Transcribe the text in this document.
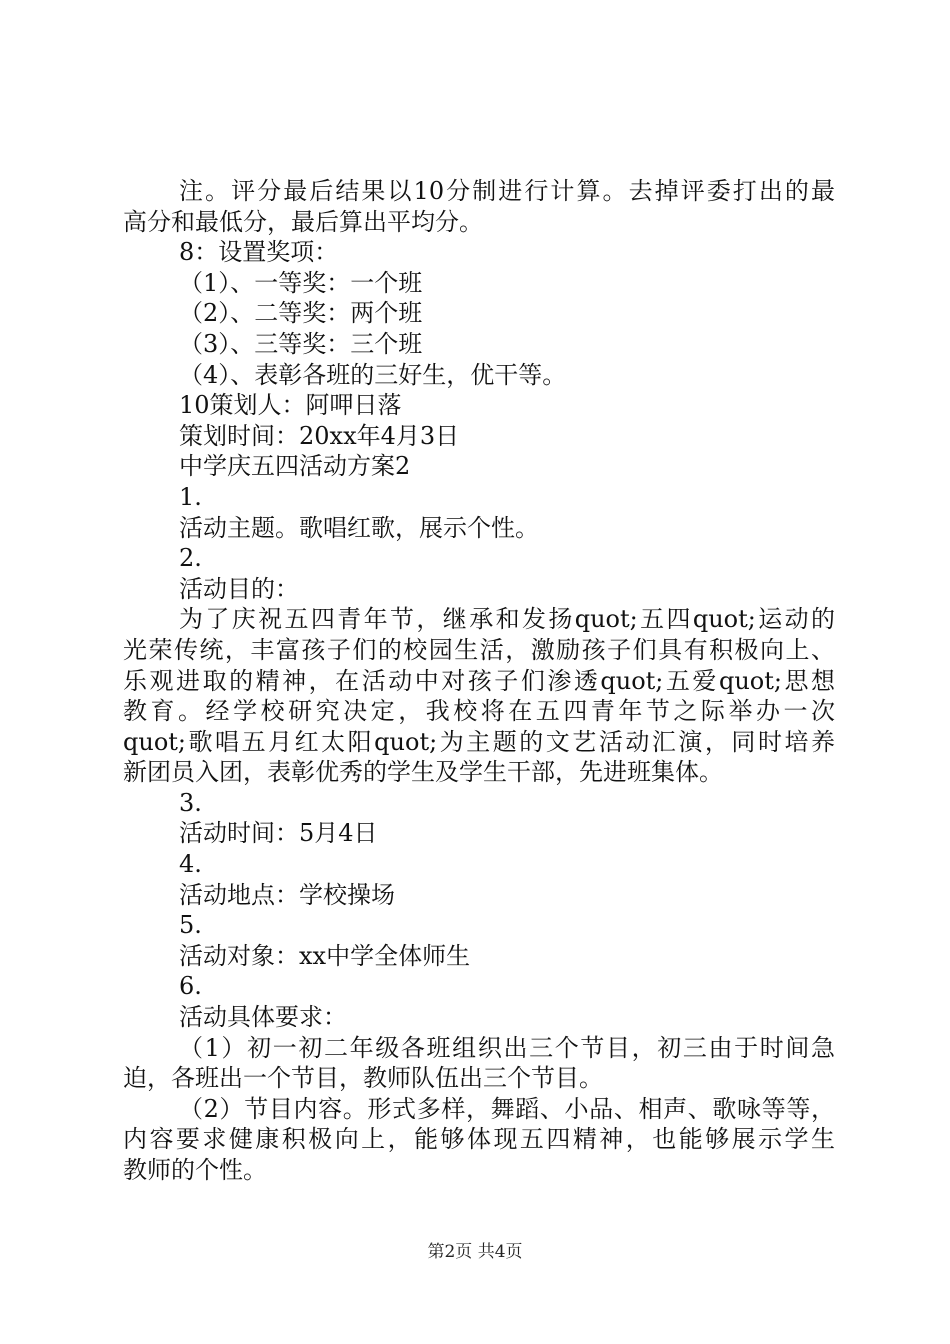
注。评分最后结果以10分制进行计算。去掉评委打出的最
高分和最低分，最后算出平均分。
8：设置奖项：
（1）、一等奖：一个班
（2）、二等奖：两个班
（3）、三等奖：三个班
（4）、表彰各班的三好生，优干等。
10策划人：阿呷日落
策划时间：20xx年4月3日
中学庆五四活动方案2
1.
活动主题。歌唱红歌，展示个性。
2.
活动目的：
为了庆祝五四青年节，继承和发扬quot;五四quot;运动的
光荣传统，丰富孩子们的校园生活，激励孩子们具有积极向上、
乐观进取的精神，在活动中对孩子们渗透quot;五爱quot;思想
教育。经学校研究决定，我校将在五四青年节之际举办一次
quot;歌唱五月红太阳quot;为主题的文艺活动汇演，同时培养
新团员入团，表彰优秀的学生及学生干部，先进班集体。
3.
活动时间：5月4日
4.
活动地点：学校操场
5.
活动对象：xx中学全体师生
6.
活动具体要求：
（1）初一初二年级各班组织出三个节目，初三由于时间急
迫，各班出一个节目，教师队伍出三个节目。
（2）节目内容。形式多样，舞蹈、小品、相声、歌咏等等，
内容要求健康积极向上，能够体现五四精神，也能够展示学生
教师的个性。
第2页 共4页
